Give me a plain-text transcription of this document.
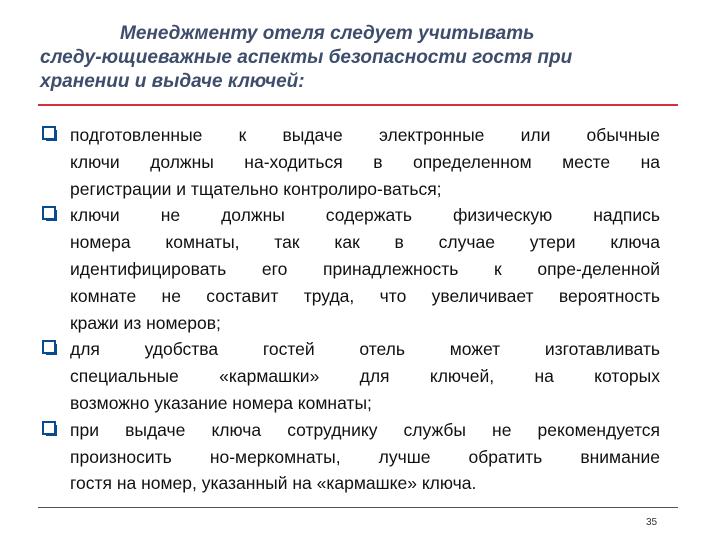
Менеджменту отеля следует учитывать
следу-ющиеважные аспекты безопасности гостя при
хранении и выдаче ключей:
подготовленные к выдаче электронные или обычные
ключи должны на-ходиться в определенном месте на
регистрации и тщательно контролиро-ваться;
ключи не должны содержать физическую надпись
номера комнаты, так как в случае утери ключа
идентифицировать его принадлежность к опре-деленной
комнате не составит труда, что увеличивает вероятность
кражи из номеров;
для удобства гостей отель может изготавливать
специальные «кармашки» для ключей, на которых
возможно указание номера комнаты;
при выдаче ключа сотруднику службы не рекомендуется
произносить но-меркомнаты, лучше обратить внимание
гостя на номер, указанный на «кармашке» ключа.
35
